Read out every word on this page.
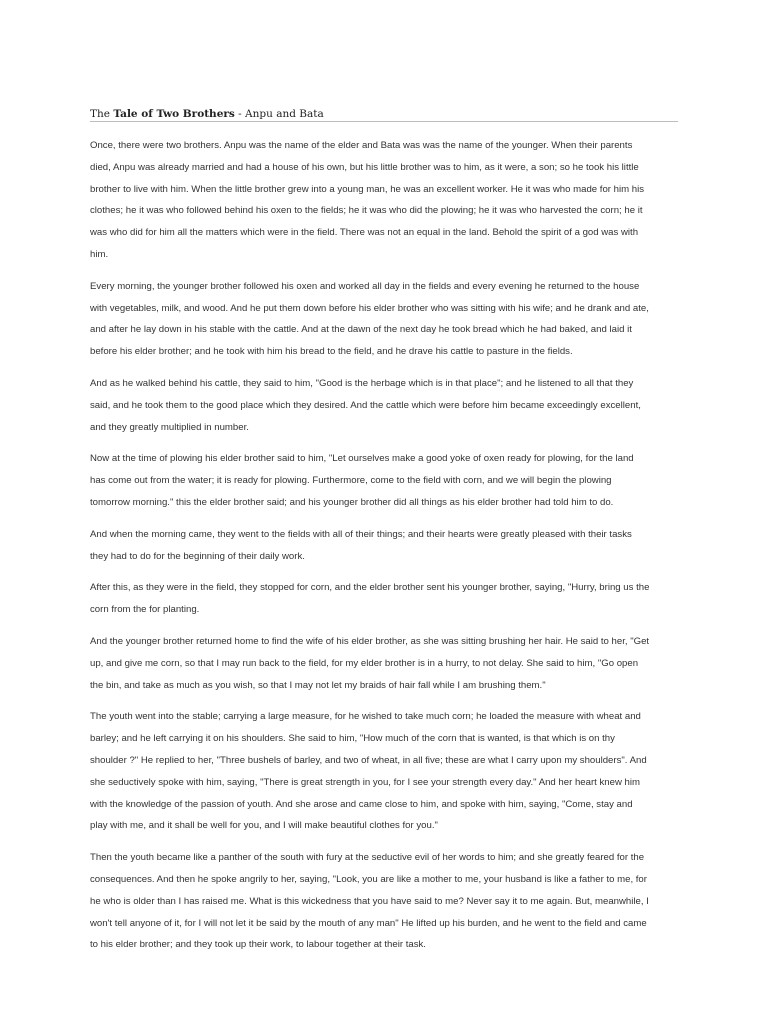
The Tale of Two Brothers - Anpu and Bata
Once, there were two brothers. Anpu was the name of the elder and Bata was was the name of the younger. When their parents
died, Anpu was already married and had a house of his own, but his little brother was to him, as it were, a son; so he took his little
brother to live with him. When the little brother grew into a young man, he was an excellent worker. He it was who made for him his
clothes; he it was who followed behind his oxen to the fields; he it was who did the plowing; he it was who harvested the corn; he it
was who did for him all the matters which were in the field. There was not an equal in the land. Behold the spirit of a god was with
him.
Every morning, the younger brother followed his oxen and worked all day in the fields and every evening he returned to the house
with vegetables, milk, and wood. And he put them down before his elder brother who was sitting with his wife; and he drank and ate,
and after he lay down in his stable with the cattle. And at the dawn of the next day he took bread which he had baked, and laid it
before his elder brother; and he took with him his bread to the field, and he drave his cattle to pasture in the fields.
And as he walked behind his cattle, they said to him, "Good is the herbage which is in that place"; and he listened to all that they
said, and he took them to the good place which they desired. And the cattle which were before him became exceedingly excellent,
and they greatly multiplied in number.
Now at the time of plowing his elder brother said to him, "Let ourselves make a good yoke of oxen ready for plowing, for the land
has come out from the water; it is ready for plowing. Furthermore, come to the field with corn, and we will begin the plowing
tomorrow morning." this the elder brother said; and his younger brother did all things as his elder brother had told him to do.
And when the morning came, they went to the fields with all of their things; and their hearts were greatly pleased with their tasks
they had to do for the beginning of their daily work.
After this, as they were in the field, they stopped for corn, and the elder brother sent his younger brother, saying, "Hurry, bring us the
corn from the for planting.
And the younger brother returned home to find the wife of his elder brother, as she was sitting brushing her hair. He said to her, "Get
up, and give me corn, so that I may run back to the field, for my elder brother is in a hurry, to not delay. She said to him, "Go open
the bin, and take as much as you wish, so that I may not let my braids of hair fall while I am brushing them."
The youth went into the stable; carrying a large measure, for he wished to take much corn; he loaded the measure with wheat and
barley; and he left carrying it on his shoulders. She said to him, "How much of the corn that is wanted, is that which is on thy
shoulder ?" He replied to her, "Three bushels of barley, and two of wheat, in all five; these are what I carry upon my shoulders". And
she seductively spoke with him, saying, "There is great strength in you, for I see your strength every day." And her heart knew him
with the knowledge of the passion of youth. And she arose and came close to him, and spoke with him, saying, "Come, stay and
play with me, and it shall be well for you, and I will make beautiful clothes for you."
Then the youth became like a panther of the south with fury at the seductive evil of her words to him; and she greatly feared for the
consequences. And then he spoke angrily to her, saying, "Look, you are like a mother to me, your husband is like a father to me, for
he who is older than I has raised me. What is this wickedness that you have said to me? Never say it to me again. But, meanwhile, I
won't tell anyone of it, for I will not let it be said by the mouth of any man" He lifted up his burden, and he went to the field and came
to his elder brother; and they took up their work, to labour together at their task.
